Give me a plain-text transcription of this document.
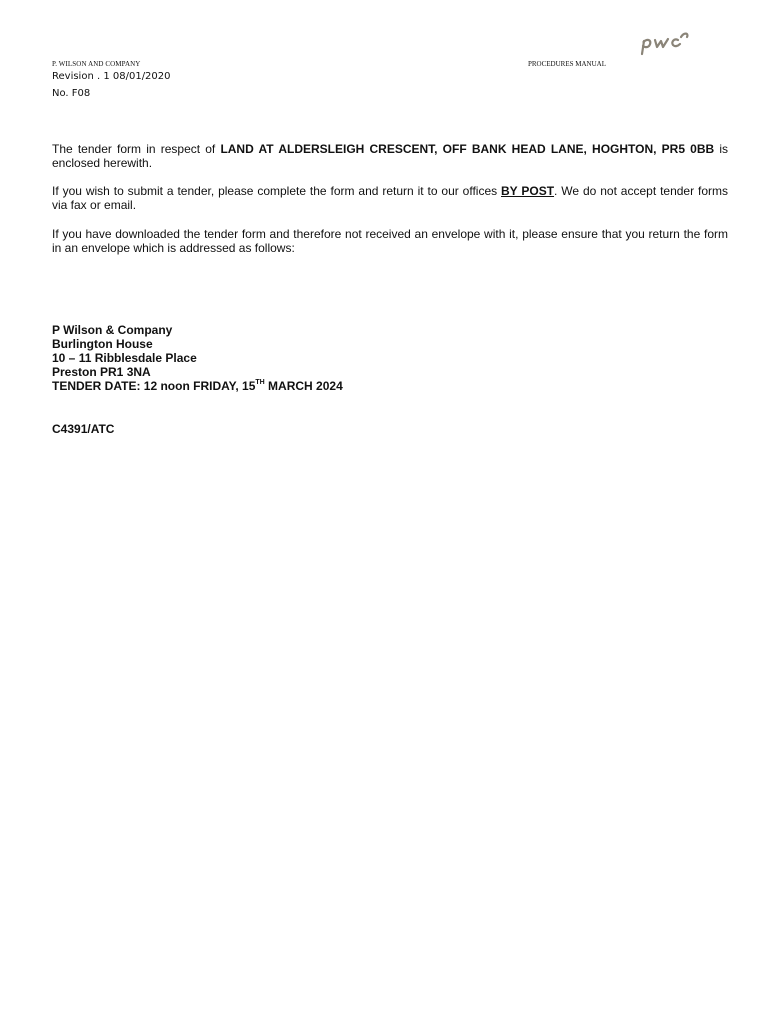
P. WILSON AND COMPANY	PROCEDURES MANUAL
Revision . 1 08/01/2020
No. F08
The tender form in respect of LAND AT ALDERSLEIGH CRESCENT, OFF BANK HEAD LANE, HOGHTON, PR5 0BB is enclosed herewith.
If you wish to submit a tender, please complete the form and return it to our offices BY POST. We do not accept tender forms via fax or email.
If you have downloaded the tender form and therefore not received an envelope with it, please ensure that you return the form in an envelope which is addressed as follows:
P Wilson & Company
Burlington House
10 – 11 Ribblesdale Place
Preston PR1 3NA
TENDER DATE: 12 noon FRIDAY, 15TH MARCH 2024
C4391/ATC
